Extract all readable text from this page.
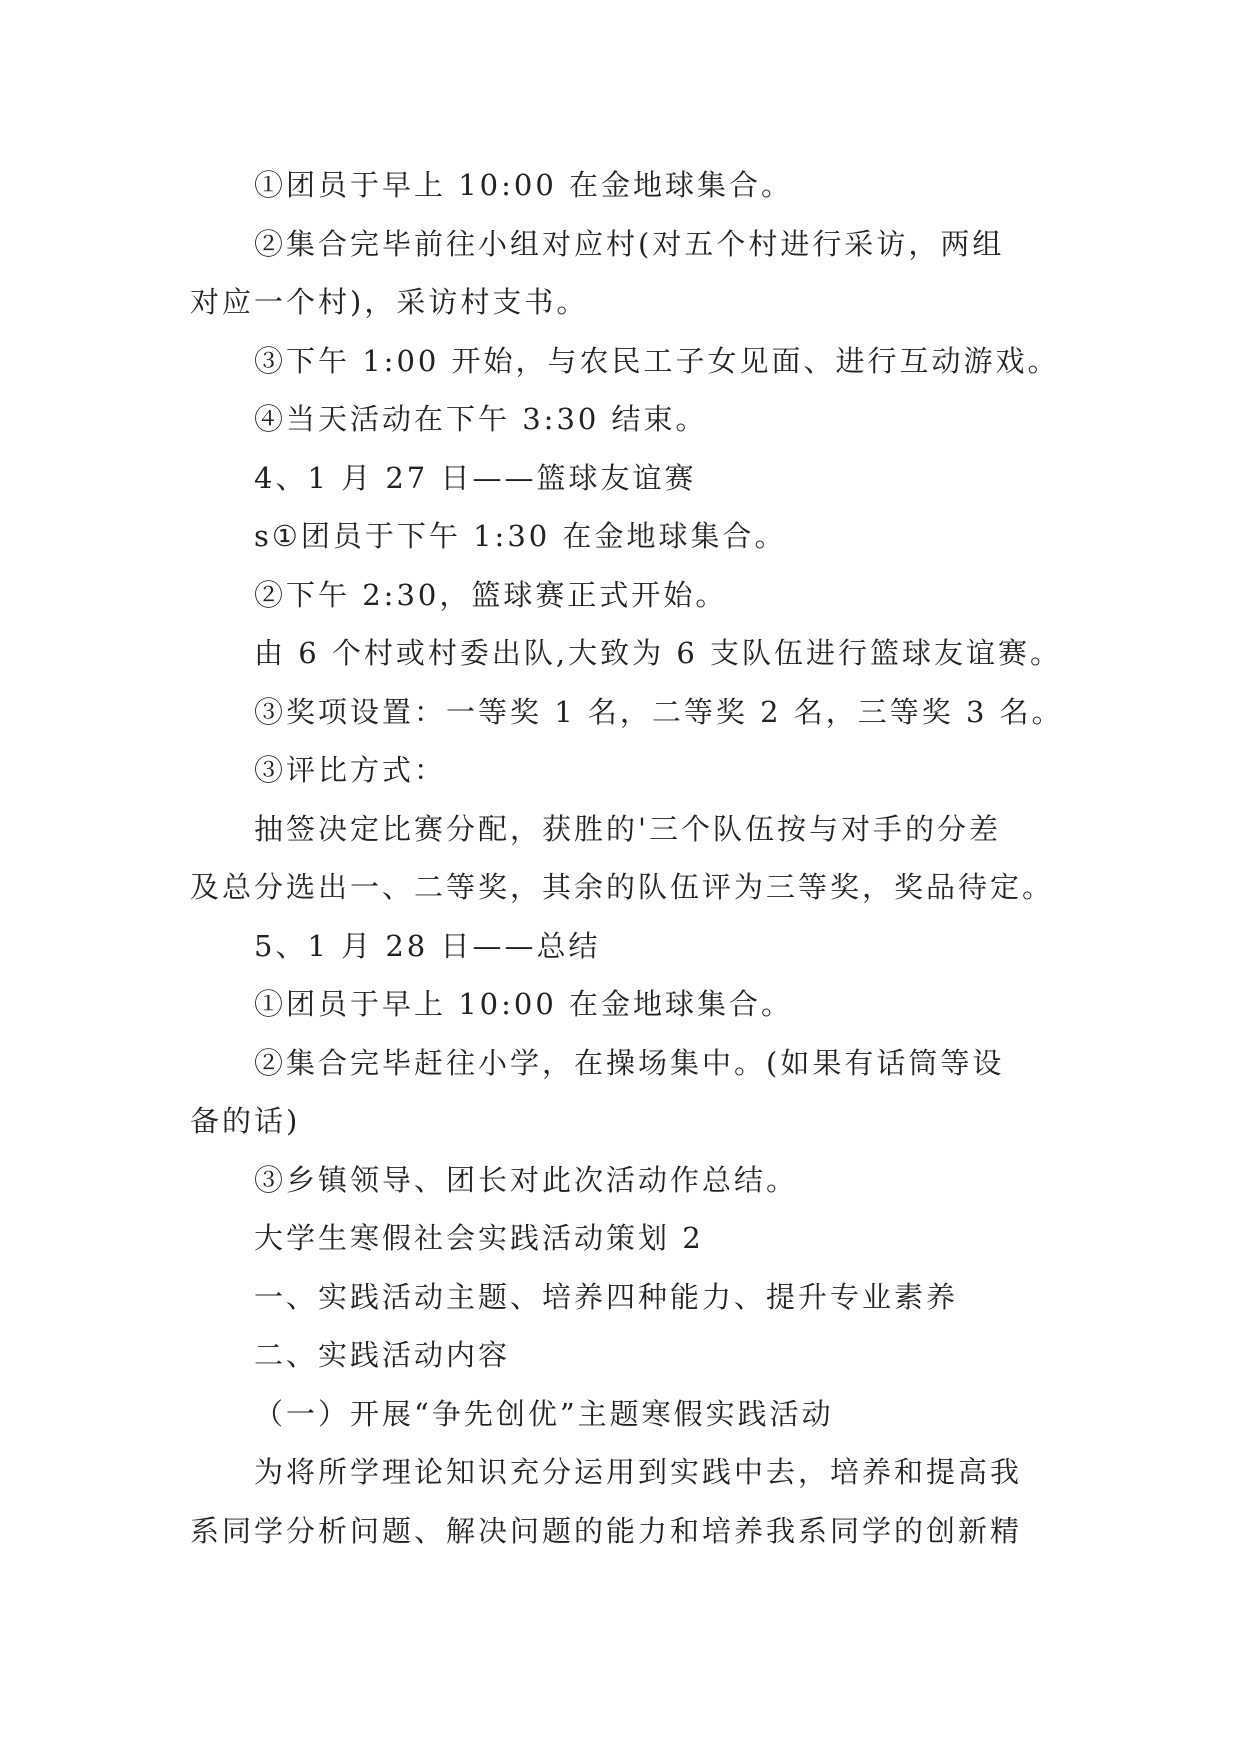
①团员于早上 10:00 在金地球集合。
②集合完毕前往小组对应村(对五个村进行采访，两组
对应一个村)，采访村支书。
③下午 1:00 开始，与农民工子女见面、进行互动游戏。
④当天活动在下午 3:30 结束。
4、1 月 27 日——篮球友谊赛
s①团员于下午 1:30 在金地球集合。
②下午 2:30，篮球赛正式开始。
由 6 个村或村委出队,大致为 6 支队伍进行篮球友谊赛。
③奖项设置：一等奖 1 名，二等奖 2 名，三等奖 3 名。
③评比方式：
抽签决定比赛分配，获胜的'三个队伍按与对手的分差
及总分选出一、二等奖，其余的队伍评为三等奖，奖品待定。
5、1 月 28 日——总结
①团员于早上 10:00 在金地球集合。
②集合完毕赶往小学，在操场集中。(如果有话筒等设
备的话)
③乡镇领导、团长对此次活动作总结。
大学生寒假社会实践活动策划 2
一、实践活动主题、培养四种能力、提升专业素养
二、实践活动内容
（一）开展“争先创优”主题寒假实践活动
为将所学理论知识充分运用到实践中去，培养和提高我
系同学分析问题、解决问题的能力和培养我系同学的创新精
